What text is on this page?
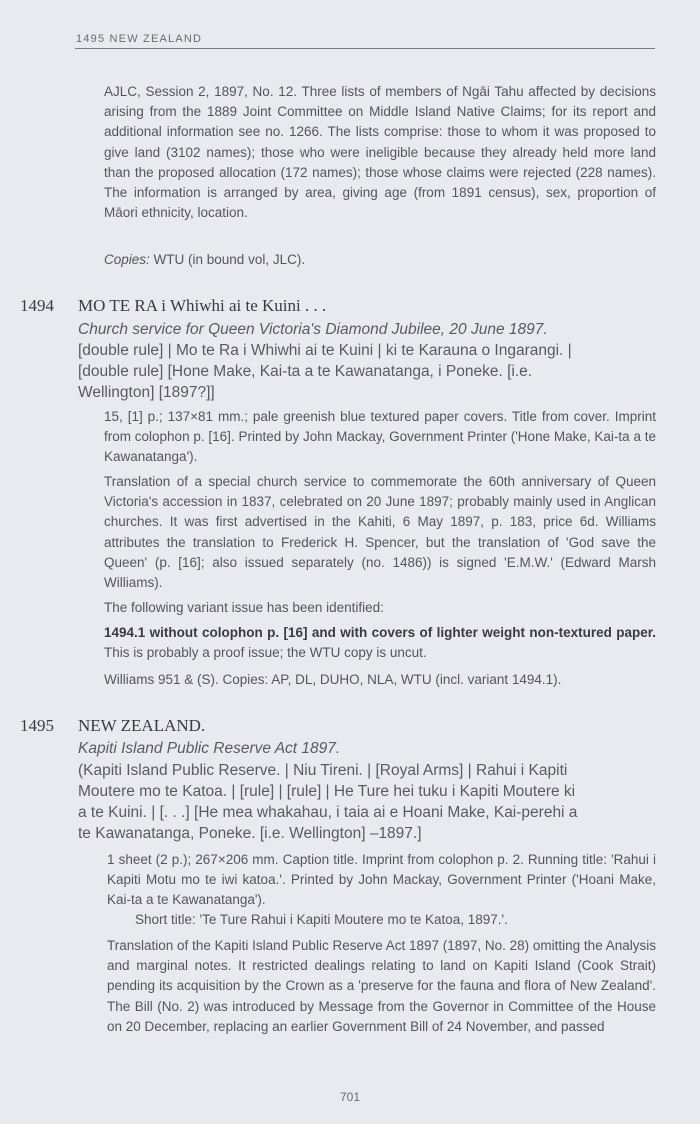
1495 NEW ZEALAND

AJLC, Session 2, 1897, No. 12. Three lists of members of Ngāi Tahu affected by decisions arising from the 1889 Joint Committee on Middle Island Native Claims; for its report and additional information see no. 1266. The lists comprise: those to whom it was proposed to give land (3102 names); those who were ineligible because they already held more land than the proposed allocation (172 names); those whose claims were rejected (228 names). The information is arranged by area, giving age (from 1891 census), sex, proportion of Māori ethnicity, location.

Copies: WTU (in bound vol, JLC).

1494 MO TE RA i Whiwhi ai te Kuini . . .

Church service for Queen Victoria's Diamond Jubilee, 20 June 1897.

[double rule] | Mo te Ra i Whiwhi ai te Kuini | ki te Karauna o Ingarangi. |

[double rule] [Hone Make, Kai-ta a te Kawanatanga, i Poneke. [i.e.

Wellington] [1897?]]

15, [1] p.; 137×81 mm.; pale greenish blue textured paper covers. Title from cover. Imprint from colophon p. [16]. Printed by John Mackay, Government Printer ('Hone Make, Kai-ta a te Kawanatanga').

Translation of a special church service to commemorate the 60th anniversary of Queen Victoria's accession in 1837, celebrated on 20 June 1897; probably mainly used in Anglican churches. It was first advertised in the Kahiti, 6 May 1897, p. 183, price 6d. Williams attributes the translation to Frederick H. Spencer, but the translation of 'God save the Queen' (p. [16]; also issued separately (no. 1486)) is signed 'E.M.W.' (Edward Marsh Williams).

The following variant issue has been identified:

1494.1 without colophon p. [16] and with covers of lighter weight non-textured paper. This is probably a proof issue; the WTU copy is uncut.

Williams 951 & (S). Copies: AP, DL, DUHO, NLA, WTU (incl. variant 1494.1).

1495 NEW ZEALAND.

Kapiti Island Public Reserve Act 1897.

(Kapiti Island Public Reserve. | Niu Tireni. | [Royal Arms] | Rahui i Kapiti

Moutere mo te Katoa. | [rule] | [rule] | He Ture hei tuku i Kapiti Moutere ki

a te Kuini. | [. . .] [He mea whakahau, i taia ai e Hoani Make, Kai-perehi a

te Kawanatanga, Poneke. [i.e. Wellington] –1897.]

1 sheet (2 p.); 267×206 mm. Caption title. Imprint from colophon p. 2. Running title: 'Rahui i Kapiti Motu mo te iwi katoa.'. Printed by John Mackay, Government Printer ('Hoani Make, Kai-ta a te Kawanatanga').

Short title: 'Te Ture Rahui i Kapiti Moutere mo te Katoa, 1897.'.

Translation of the Kapiti Island Public Reserve Act 1897 (1897, No. 28) omitting the Analysis and marginal notes. It restricted dealings relating to land on Kapiti Island (Cook Strait) pending its acquisition by the Crown as a 'preserve for the fauna and flora of New Zealand'. The Bill (No. 2) was introduced by Message from the Governor in Committee of the House on 20 December, replacing an earlier Government Bill of 24 November, and passed

701
